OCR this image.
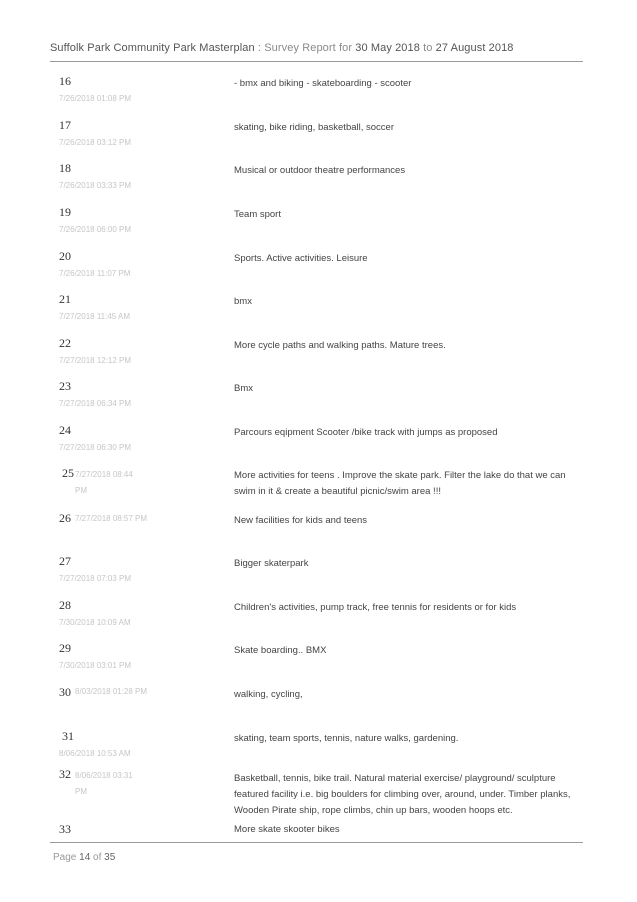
Suffolk Park Community Park Masterplan : Survey Report for 30 May 2018 to 27 August 2018
16
7/26/2018 01:08 PM
- bmx and biking - skateboarding - scooter
17
7/26/2018 03:12 PM
skating, bike riding, basketball, soccer
18
7/26/2018 03:33 PM
Musical or outdoor theatre performances
19
7/26/2018 06:00 PM
Team sport
20
7/26/2018 11:07 PM
Sports. Active activities. Leisure
21
7/27/2018 11:45 AM
bmx
22
7/27/2018 12:12 PM
More cycle paths and walking paths. Mature trees.
23
7/27/2018 06:34 PM
Bmx
24
7/27/2018 06:30 PM
Parcours eqipment Scooter /bike track with jumps as proposed
25 7/27/2018 08:44 PM
More activities for teens . Improve the skate park. Filter the lake do that we can swim in it & create a beautiful picnic/swim area !!!
26 7/27/2018 08:57 PM	New facilities for kids and teens
27
7/27/2018 07:03 PM
Bigger skaterpark
28
7/30/2018 10:09 AM
Children's activities, pump track, free tennis for residents or for kids
29
7/30/2018 03:01 PM
Skate boarding.. BMX
30 8/03/2018 01:28 PM	walking, cycling,
31
8/06/2018 10:53 AM
skating, team sports, tennis, nature walks, gardening.
32 8/06/2018 03:31 PM
Basketball, tennis, bike trail. Natural material exercise/ playground/ sculpture featured facility i.e. big boulders for climbing over, around, under. Timber planks, Wooden Pirate ship, rope climbs, chin up bars, wooden hoops etc.
33	More skate skooter bikes
Page 14 of 35
